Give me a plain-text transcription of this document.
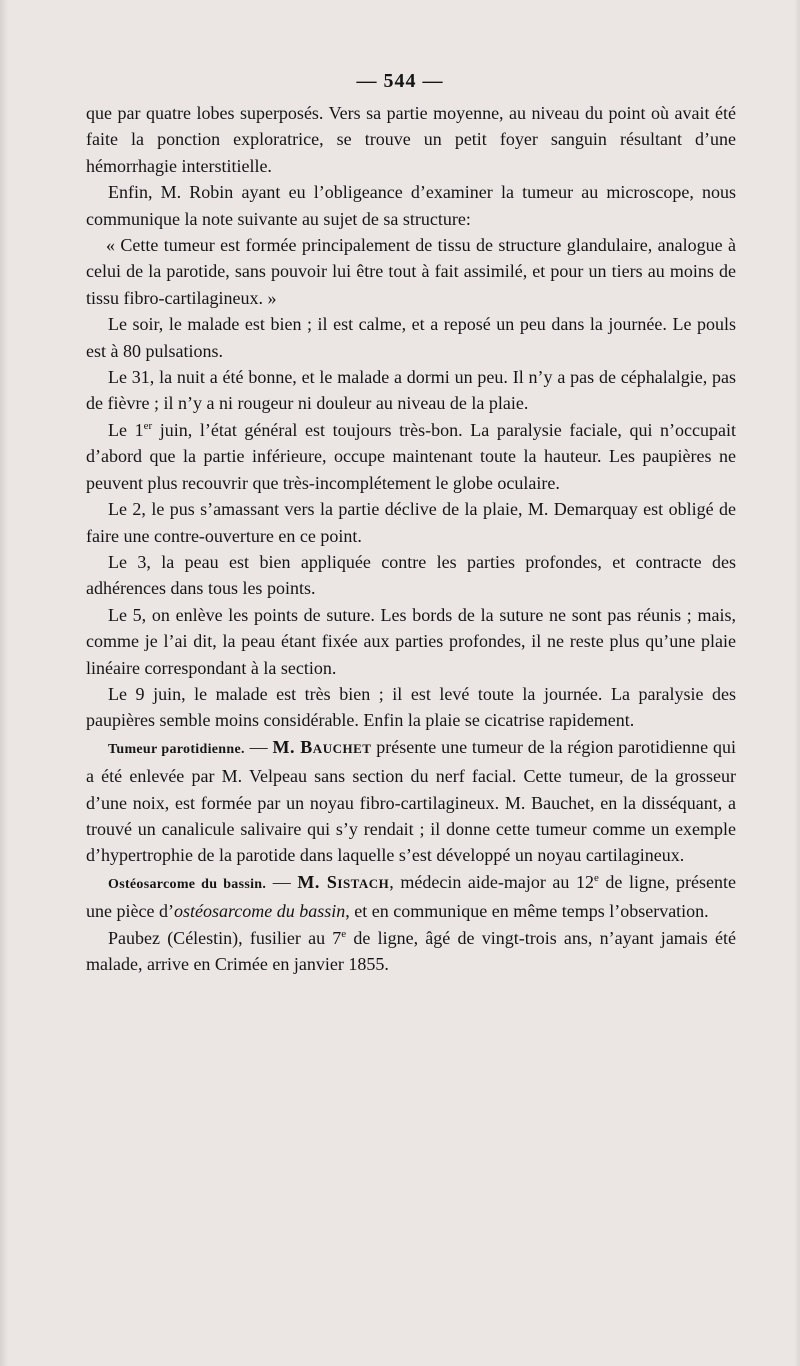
— 544 —

que par quatre lobes superposés. Vers sa partie moyenne, au niveau du point où avait été faite la ponction exploratrice, se trouve un petit foyer sanguin résultant d’une hémorrhagie interstitielle.

Enfin, M. Robin ayant eu l’obligeance d’examiner la tumeur au microscope, nous communique la note suivante au sujet de sa structure:

« Cette tumeur est formée principalement de tissu de structure glandulaire, analogue à celui de la parotide, sans pouvoir lui être tout à fait assimilé, et pour un tiers au moins de tissu fibro-cartilagineux. »

Le soir, le malade est bien ; il est calme, et a reposé un peu dans la journée. Le pouls est à 80 pulsations.

Le 31, la nuit a été bonne, et le malade a dormi un peu. Il n’y a pas de céphalalgie, pas de fièvre ; il n’y a ni rougeur ni douleur au niveau de la plaie.

Le 1er juin, l’état général est toujours très-bon. La paralysie faciale, qui n’occupait d’abord que la partie inférieure, occupe maintenant toute la hauteur. Les paupières ne peuvent plus recouvrir que très-incomplétement le globe oculaire.

Le 2, le pus s’amassant vers la partie déclive de la plaie, M. Demarquay est obligé de faire une contre-ouverture en ce point.

Le 3, la peau est bien appliquée contre les parties profondes, et contracte des adhérences dans tous les points.

Le 5, on enlève les points de suture. Les bords de la suture ne sont pas réunis ; mais, comme je l’ai dit, la peau étant fixée aux parties profondes, il ne reste plus qu’une plaie linéaire correspondant à la section.

Le 9 juin, le malade est très bien ; il est levé toute la journée. La paralysie des paupières semble moins considérable. Enfin la plaie se cicatrise rapidement.

Tumeur parotidienne. — M. Bauchet présente une tumeur de la région parotidienne qui a été enlevée par M. Velpeau sans section du nerf facial. Cette tumeur, de la grosseur d’une noix, est formée par un noyau fibro-cartilagineux. M. Bauchet, en la disséquant, a trouvé un canalicule salivaire qui s’y rendait ; il donne cette tumeur comme un exemple d’hypertrophie de la parotide dans laquelle s’est développé un noyau cartilagineux.

Ostéosarcome du bassin. — M. Sistach, médecin aide-major au 12e de ligne, présente une pièce d’ostéosarcome du bassin, et en communique en même temps l’observation.

Paubez (Célestin), fusilier au 7e de ligne, âgé de vingt-trois ans, n’ayant jamais été malade, arrive en Crimée en janvier 1855.
